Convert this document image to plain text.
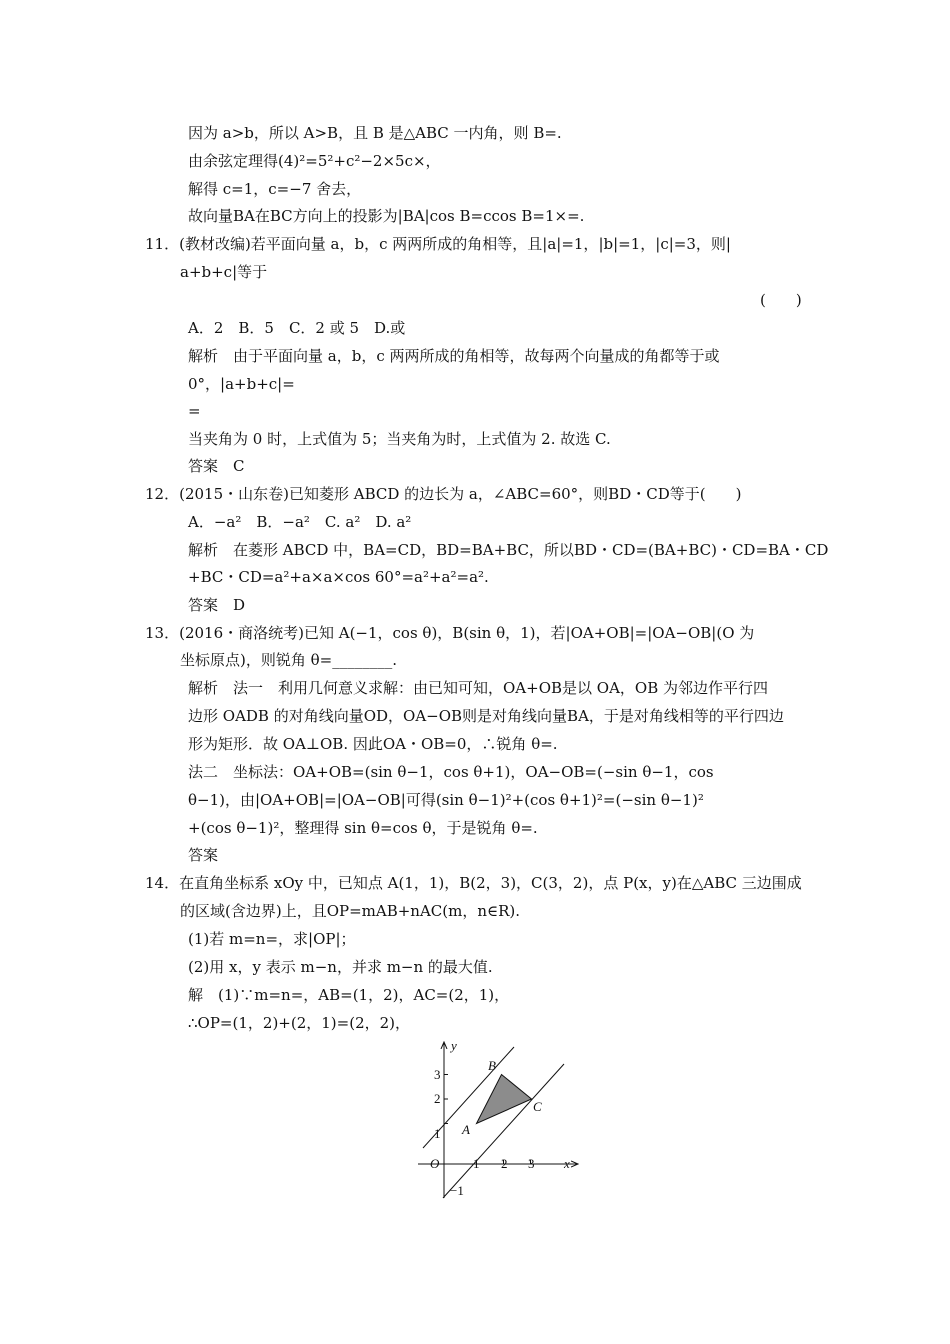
因为 a>b，所以 A>B，且 B 是△ABC 一内角，则 B=.
由余弦定理得(4)²=5²+c²−2×5c×，
解得 c=1，c=−7 舍去，
故向量BA在BC方向上的投影为|BA|cos B=ccos B=1×=.
11．(教材改编)若平面向量 a，b，c 两两所成的角相等，且|a|=1，|b|=1，|c|=3，则|
a+b+c|等于
(　　)
A．2　B．5　C．2 或 5　D.或
解析　由于平面向量 a，b，c 两两所成的角相等，故每两个向量成的角都等于或
0°，|a+b+c|=
=
当夹角为 0 时，上式值为 5；当夹角为时，上式值为 2. 故选 C.
答案　C
12．(2015・山东卷)已知菱形 ABCD 的边长为 a，∠ABC=60°，则BD・CD等于(　　)
A．−a²　B．−a²　C. a²　D. a²
解析　在菱形 ABCD 中，BA=CD，BD=BA+BC，所以BD・CD=(BA+BC)・CD=BA・CD
+BC・CD=a²+a×a×cos 60°=a²+a²=a².
答案　D
13．(2016・商洛统考)已知 A(−1，cos θ)，B(sin θ，1)，若|OA+OB|=|OA−OB|(O 为
坐标原点)，则锐角 θ=________.
解析　法一　利用几何意义求解：由已知可知，OA+OB是以 OA，OB 为邻边作平行四
边形 OADB 的对角线向量OD，OA−OB则是对角线向量BA，于是对角线相等的平行四边
形为矩形．故 OA⊥OB. 因此OA・OB=0，∴锐角 θ=.
法二　坐标法：OA+OB=(sin θ−1，cos θ+1)，OA−OB=(−sin θ−1，cos
θ−1)，由|OA+OB|=|OA−OB|可得(sin θ−1)²+(cos θ+1)²=(−sin θ−1)²
+(cos θ−1)²，整理得 sin θ=cos θ，于是锐角 θ=.
答案
14．在直角坐标系 xOy 中，已知点 A(1，1)，B(2，3)，C(3，2)，点 P(x，y)在△ABC 三边围成
的区域(含边界)上，且OP=mAB+nAC(m，n∈R).
(1)若 m=n=，求|OP|；
(2)用 x，y 表示 m−n，并求 m−n 的最大值.
解　(1)∵m=n=，AB=(1，2)，AC=(2，1)，
∴OP=(1，2)+(2，1)=(2，2)，
y
x
O	1 2 3
1
2
3
−1
A
B
C
